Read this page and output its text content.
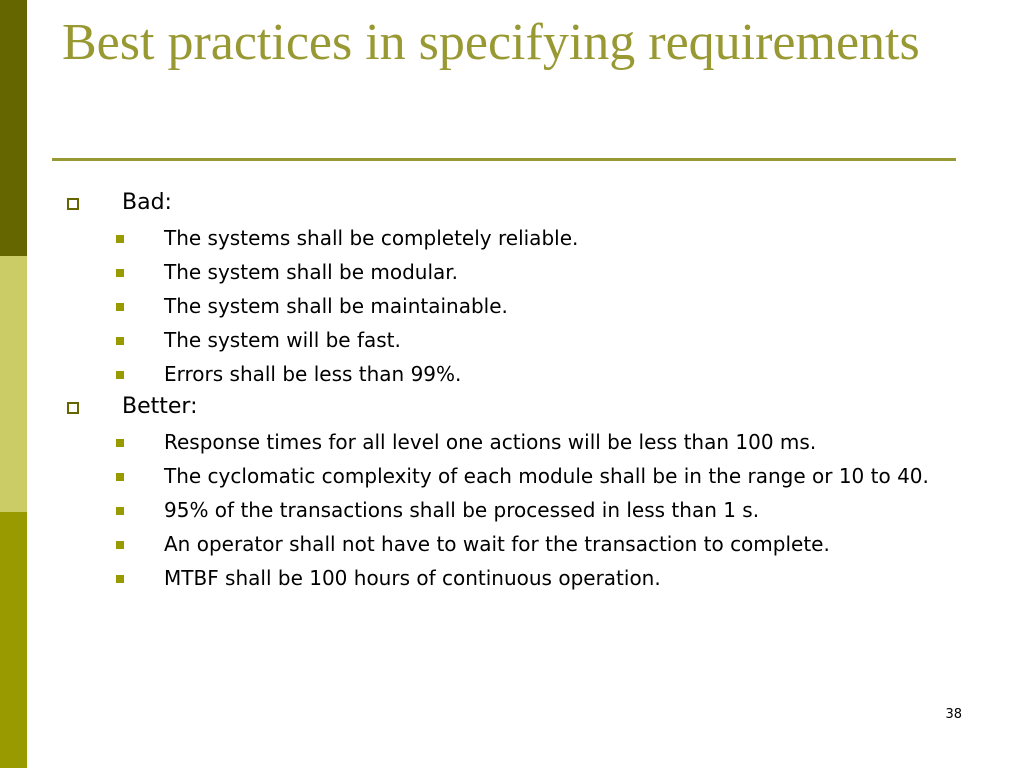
Best practices in specifying requirements
Bad:
The systems shall be completely reliable.
The system shall be modular.
The system shall be maintainable.
The system will be fast.
Errors shall be less than 99%.
Better:
Response times for all level one actions will be less than 100 ms.
The cyclomatic complexity of each module shall be in the range or 10 to 40.
95% of the transactions shall be processed in less than 1 s.
An operator shall not have to wait for the transaction to complete.
MTBF shall be 100 hours of continuous operation.
38
